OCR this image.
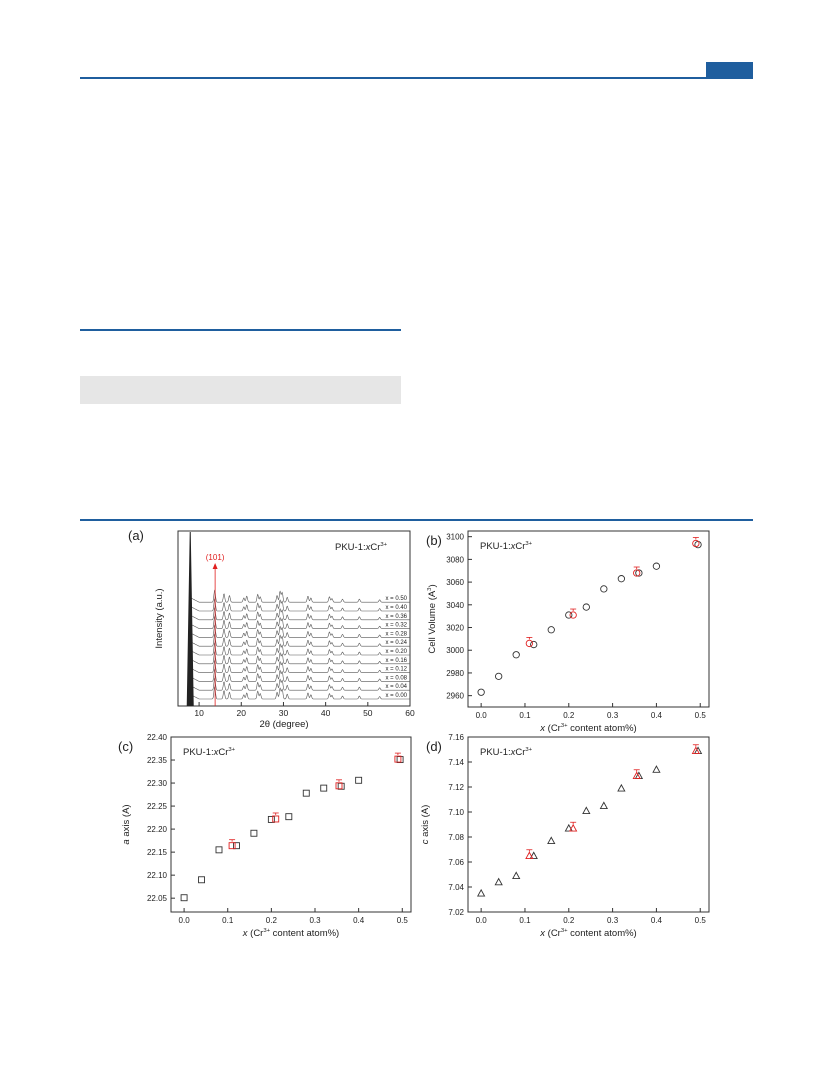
(a)
x = 0.50
x = 0.40
x = 0.36
x = 0.32
x = 0.28
x = 0.24
x = 0.20
x = 0.16
x = 0.12
x = 0.08
x = 0.04
x = 0.00
(101)
PKU-1:xCr$^{3+}$
10	20	30	40	50	60
2θ (degree)
Intensity (a.u.)
(b)	PKU-1:xCr$^{3+}$
0.0	0.1	0.2	0.3	0.4	0.5
2960
2980
3000
3020
3040
3060
3080
3100
x ($Cr^{3+}$ content atom%)
Cell Volume $(A^3)$
(c)	PKU-1:xCr$^{3+}$
0.0	0.1	0.2	0.3	0.4	0.5
22.05
22.10
22.15
22.20
22.25
22.30
22.35
22.40
x ($Cr^{3+}$ content atom%)
a axis (A)
(d)	PKU-1:xCr$^{3+}$
0.0	0.1	0.2	0.3	0.4	0.5
7.02
7.04
7.06
7.08
7.10
7.12
7.14
7.16
x ($Cr^{3+}$ content atom%)
c axis (A)
